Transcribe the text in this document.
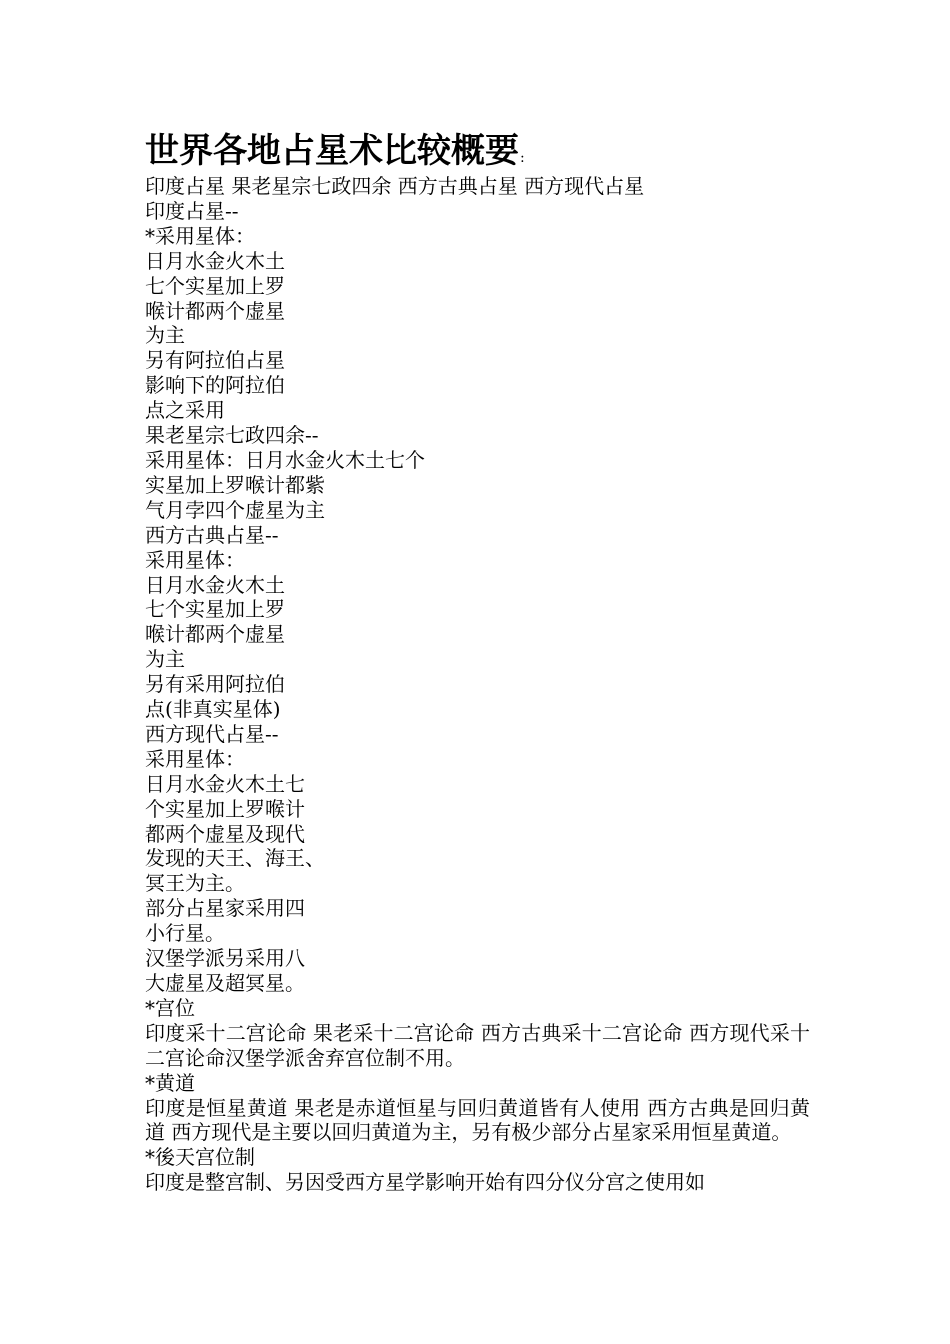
世界各地占星术比较概要:
印度占星 果老星宗七政四余 西方古典占星 西方现代占星
印度占星--
*采用星体：
日月水金火木土
七个实星加上罗
喉计都两个虚星
为主
另有阿拉伯占星
影响下的阿拉伯
点之采用
果老星宗七政四余--
采用星体：日月水金火木土七个
实星加上罗喉计都紫
气月孛四个虚星为主
西方古典占星--
采用星体：
日月水金火木土
七个实星加上罗
喉计都两个虚星
为主
另有采用阿拉伯
点(非真实星体)
西方现代占星--
采用星体：
日月水金火木土七
个实星加上罗喉计
都两个虚星及现代
发现的天王、海王、
冥王为主。
部分占星家采用四
小行星。
汉堡学派另采用八
大虚星及超冥星。
*宫位
印度采十二宫论命 果老采十二宫论命 西方古典采十二宫论命 西方现代采十二宫论命汉堡学派舍弃宫位制不用。
*黄道
印度是恒星黄道 果老是赤道恒星与回归黄道皆有人使用 西方古典是回归黄道 西方现代是主要以回归黄道为主，另有极少部分占星家采用恒星黄道。
*後天宫位制
印度是整宫制、另因受西方星学影响开始有四分仪分宫之使用如
